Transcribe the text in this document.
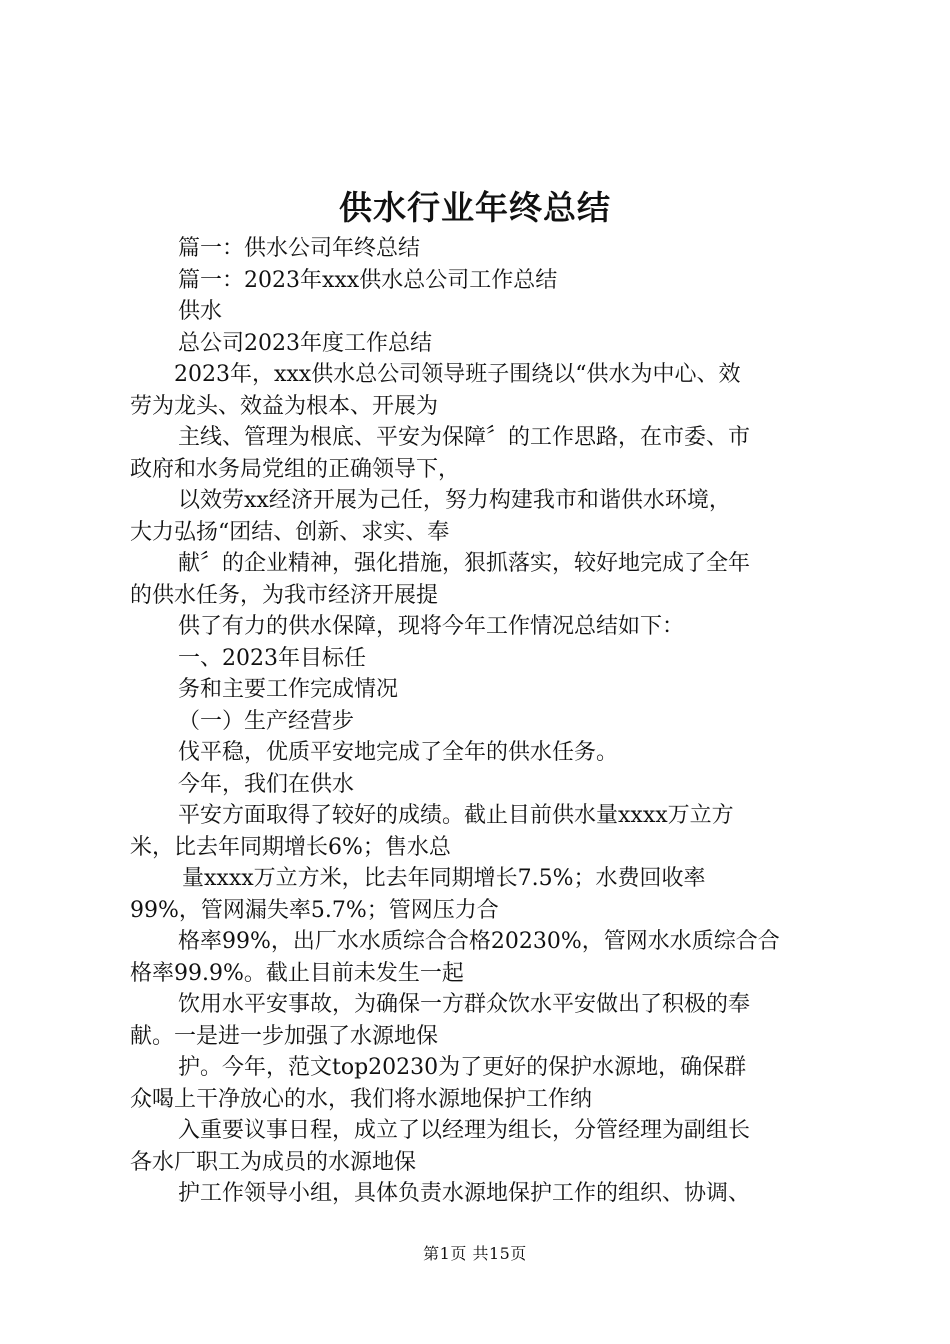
供水行业年终总结
篇一：供水公司年终总结
篇一：2023年xxx供水总公司工作总结
供水
总公司2023年度工作总结
2023年，xxx供水总公司领导班子围绕以“供水为中心、效
劳为龙头、效益为根本、开展为
主线、管理为根底、平安为保障〞的工作思路，在市委、市
政府和水务局党组的正确领导下，
以效劳xx经济开展为己任，努力构建我市和谐供水环境，
大力弘扬“团结、创新、求实、奉
献〞的企业精神，强化措施，狠抓落实，较好地完成了全年
的供水任务，为我市经济开展提
供了有力的供水保障，现将今年工作情况总结如下：
一、2023年目标任
务和主要工作完成情况
（一）生产经营步
伐平稳，优质平安地完成了全年的供水任务。
今年，我们在供水
平安方面取得了较好的成绩。截止目前供水量xxxx万立方
米，比去年同期增长6%；售水总
量xxxx万立方米，比去年同期增长7.5%；水费回收率
99%，管网漏失率5.7%；管网压力合
格率99%，出厂水水质综合合格20230%，管网水水质综合合
格率99.9%。截止目前未发生一起
饮用水平安事故，为确保一方群众饮水平安做出了积极的奉
献。一是进一步加强了水源地保
护。今年，范文top20230为了更好的保护水源地，确保群
众喝上干净放心的水，我们将水源地保护工作纳
入重要议事日程，成立了以经理为组长，分管经理为副组长
各水厂职工为成员的水源地保
护工作领导小组，具体负责水源地保护工作的组织、协调、
第1页 共15页
